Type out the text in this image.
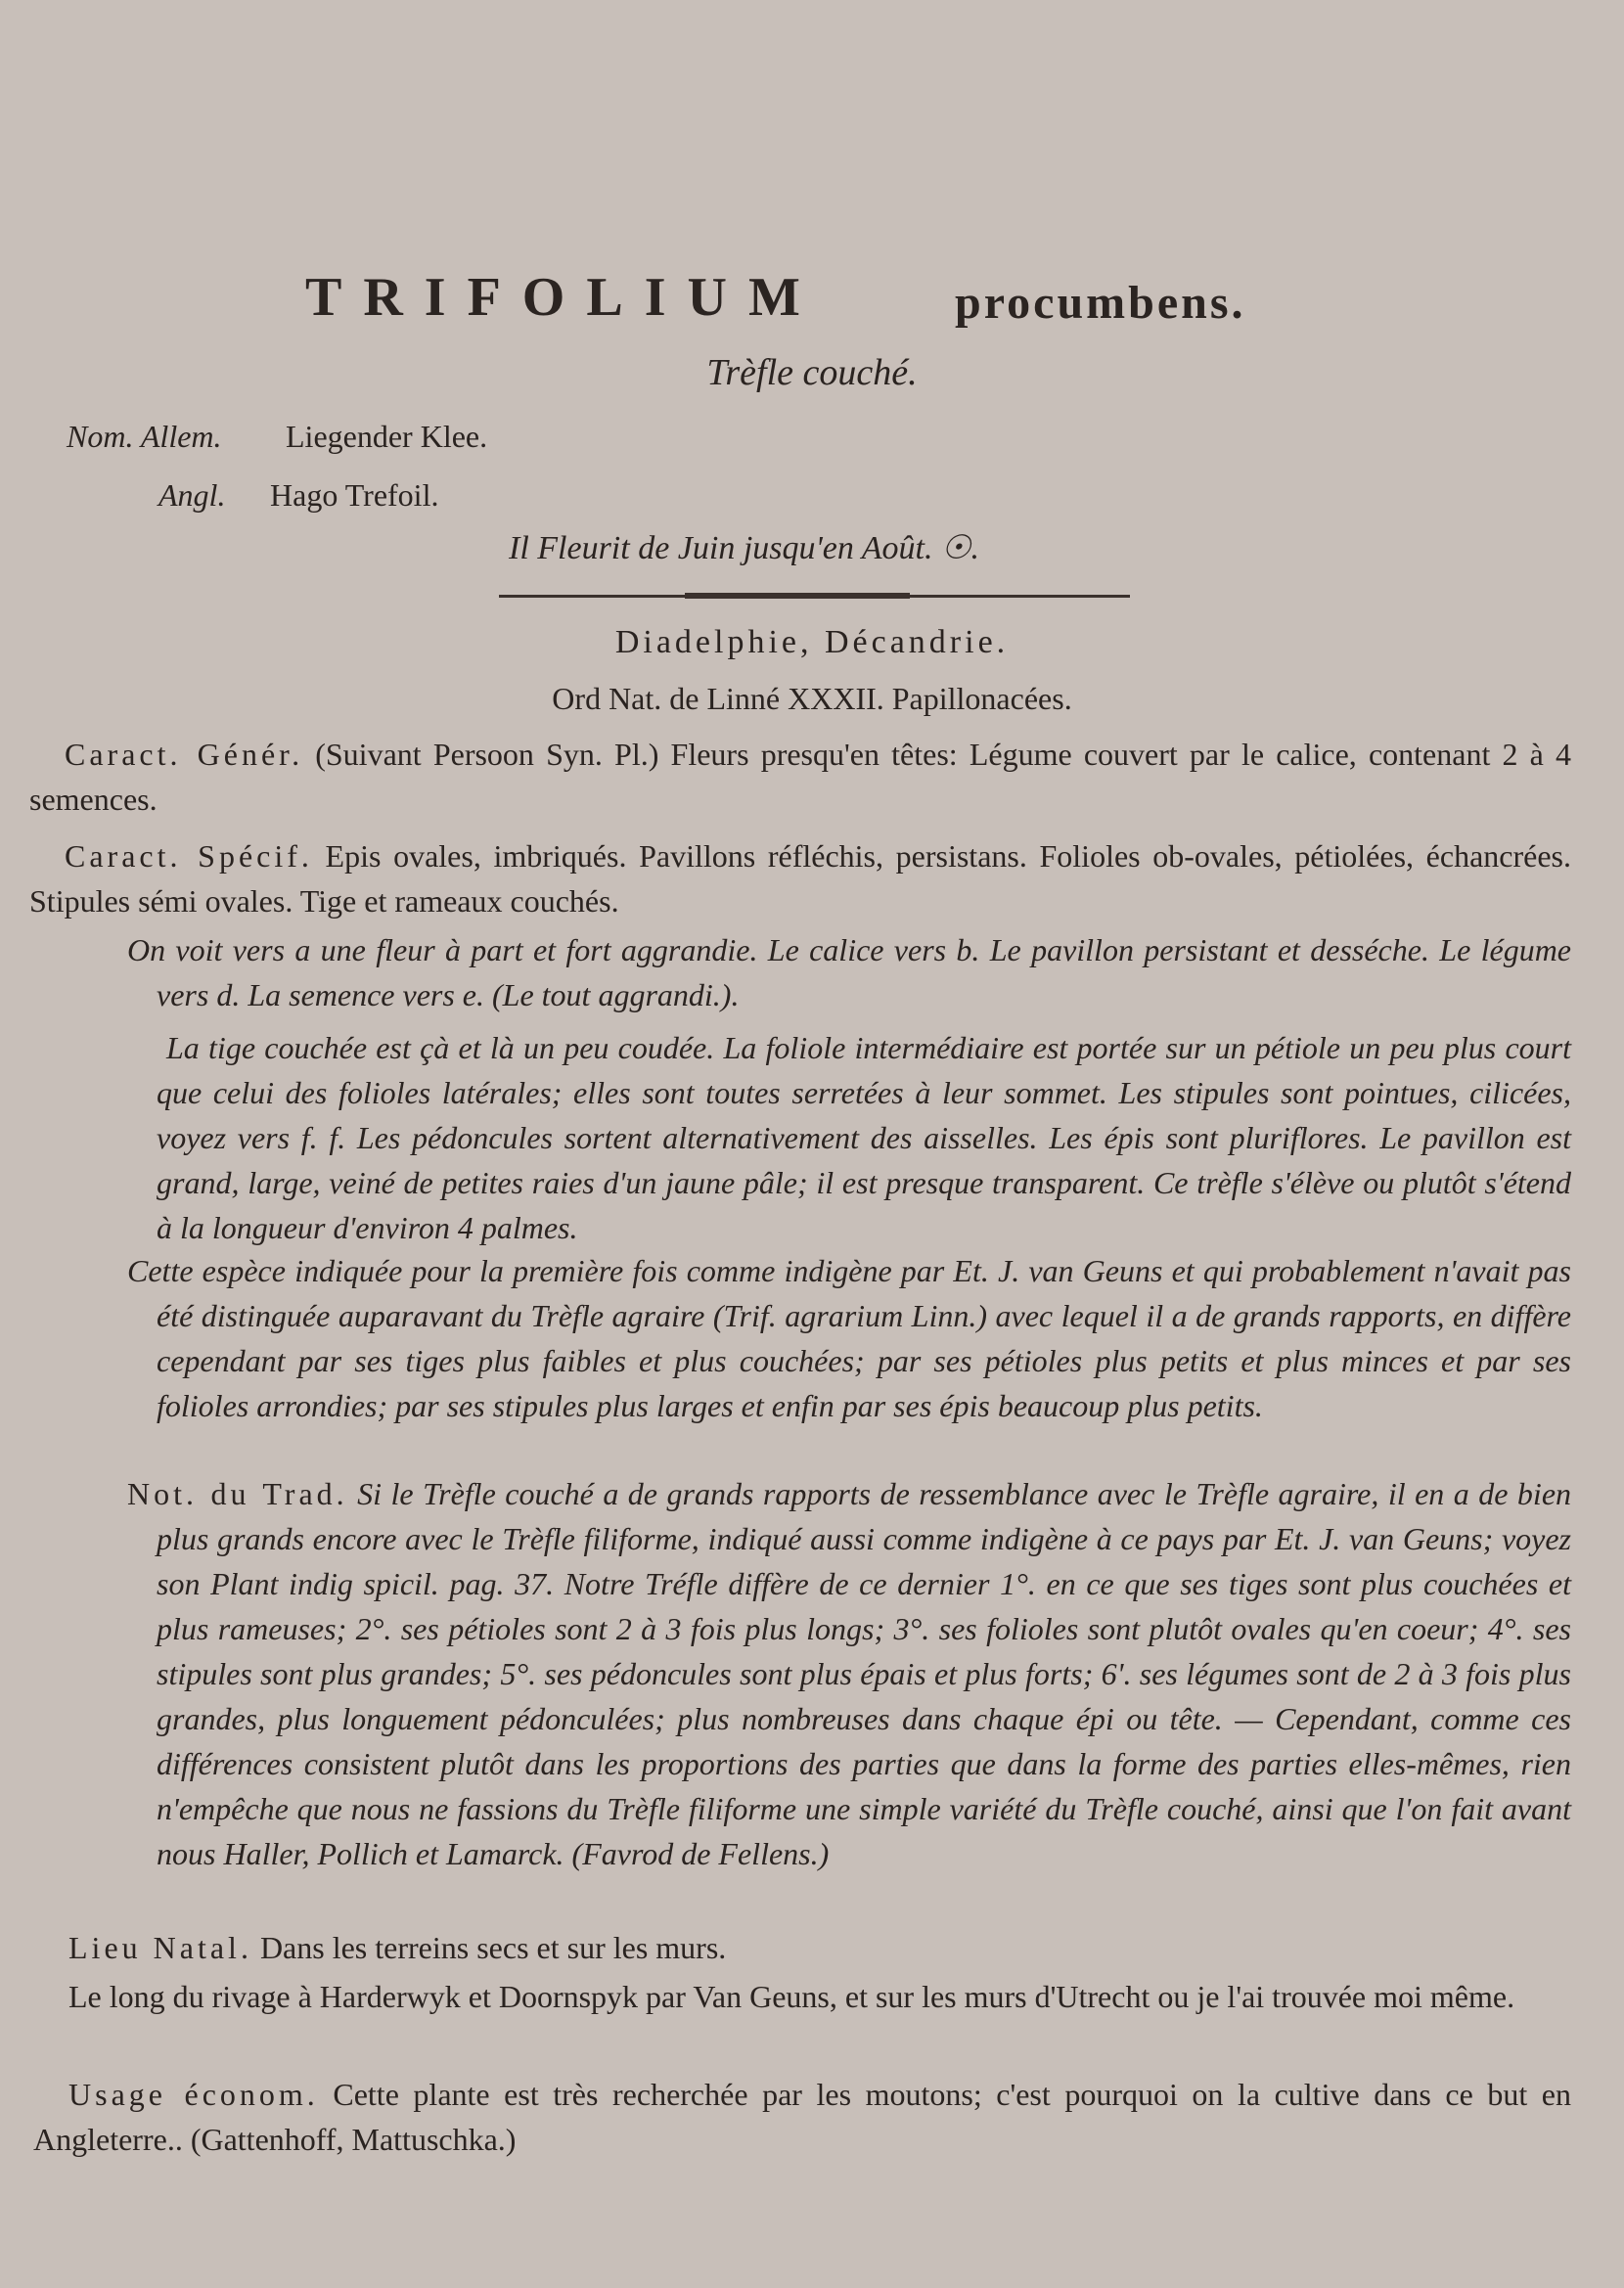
TRIFOLIUM	procumbens.
Trèfle couché.
Nom. Allem. Liegender Klee.
Angl. Hago Trefoil.
Il Fleurit de Juin jusqu'en Août. ☉.
Diadelphie, Décandrie.
Ord Nat. de Linné XXXII. Papillonacées.
Caract. Génér. (Suivant Persoon Syn. Pl.) Fleurs presqu'en têtes: Légume couvert par le calice, contenant 2 à 4 semences.
Caract. Spécif. Epis ovales, imbriqués. Pavillons réfléchis, persistans. Folioles ob-ovales, pétiolées, échancrées. Stipules sémi ovales. Tige et rameaux couchés.
On voit vers a une fleur à part et fort aggrandie. Le calice vers b. Le pavillon persistant et desséche. Le légume vers d. La semence vers e. (Le tout aggrandi.).
La tige couchée est çà et là un peu coudée. La foliole intermédiaire est portée sur un pétiole un peu plus court que celui des folioles latérales; elles sont toutes serretées à leur sommet. Les stipules sont pointues, cilicées, voyez vers f. f. Les pédoncules sortent alternativement des aisselles. Les épis sont pluriflores. Le pavillon est grand, large, veiné de petites raies d'un jaune pâle; il est presque transparent. Ce trèfle s'élève ou plutôt s'étend à la longueur d'environ 4 palmes.
Cette espèce indiquée pour la première fois comme indigène par Et. J. van Geuns et qui probablement n'avait pas été distinguée auparavant du Trèfle agraire (Trif. agrarium Linn.) avec lequel il a de grands rapports, en diffère cependant par ses tiges plus faibles et plus couchées; par ses pétioles plus petits et plus minces et par ses folioles arrondies; par ses stipules plus larges et enfin par ses épis beaucoup plus petits.
Not. du Trad. Si le Trèfle couché a de grands rapports de ressemblance avec le Trèfle agraire, il en a de bien plus grands encore avec le Trèfle filiforme, indiqué aussi comme indigène à ce pays par Et. J. van Geuns; voyez son Plant indig spicil. pag. 37. Notre Tréfle diffère de ce dernier 1°. en ce que ses tiges sont plus couchées et plus rameuses; 2°. ses pétioles sont 2 à 3 fois plus longs; 3°. ses folioles sont plutôt ovales qu'en coeur; 4°. ses stipules sont plus grandes; 5°. ses pédoncules sont plus épais et plus forts; 6'. ses légumes sont de 2 à 3 fois plus grandes, plus longuement pédonculées; plus nombreuses dans chaque épi ou tête. — Cependant, comme ces différences consistent plutôt dans les proportions des parties que dans la forme des parties elles-mêmes, rien n'empêche que nous ne fassions du Trèfle filiforme une simple variété du Trèfle couché, ainsi que l'on fait avant nous Haller, Pollich et Lamarck. (Favrod de Fellens.)
Lieu Natal. Dans les terreins secs et sur les murs.
Le long du rivage à Harderwyk et Doornspyk par Van Geuns, et sur les murs d'Utrecht ou je l'ai trouvée moi même.
Usage économ. Cette plante est très recherchée par les moutons; c'est pourquoi on la cultive dans ce but en Angleterre.. (Gattenhoff, Mattuschka.)
